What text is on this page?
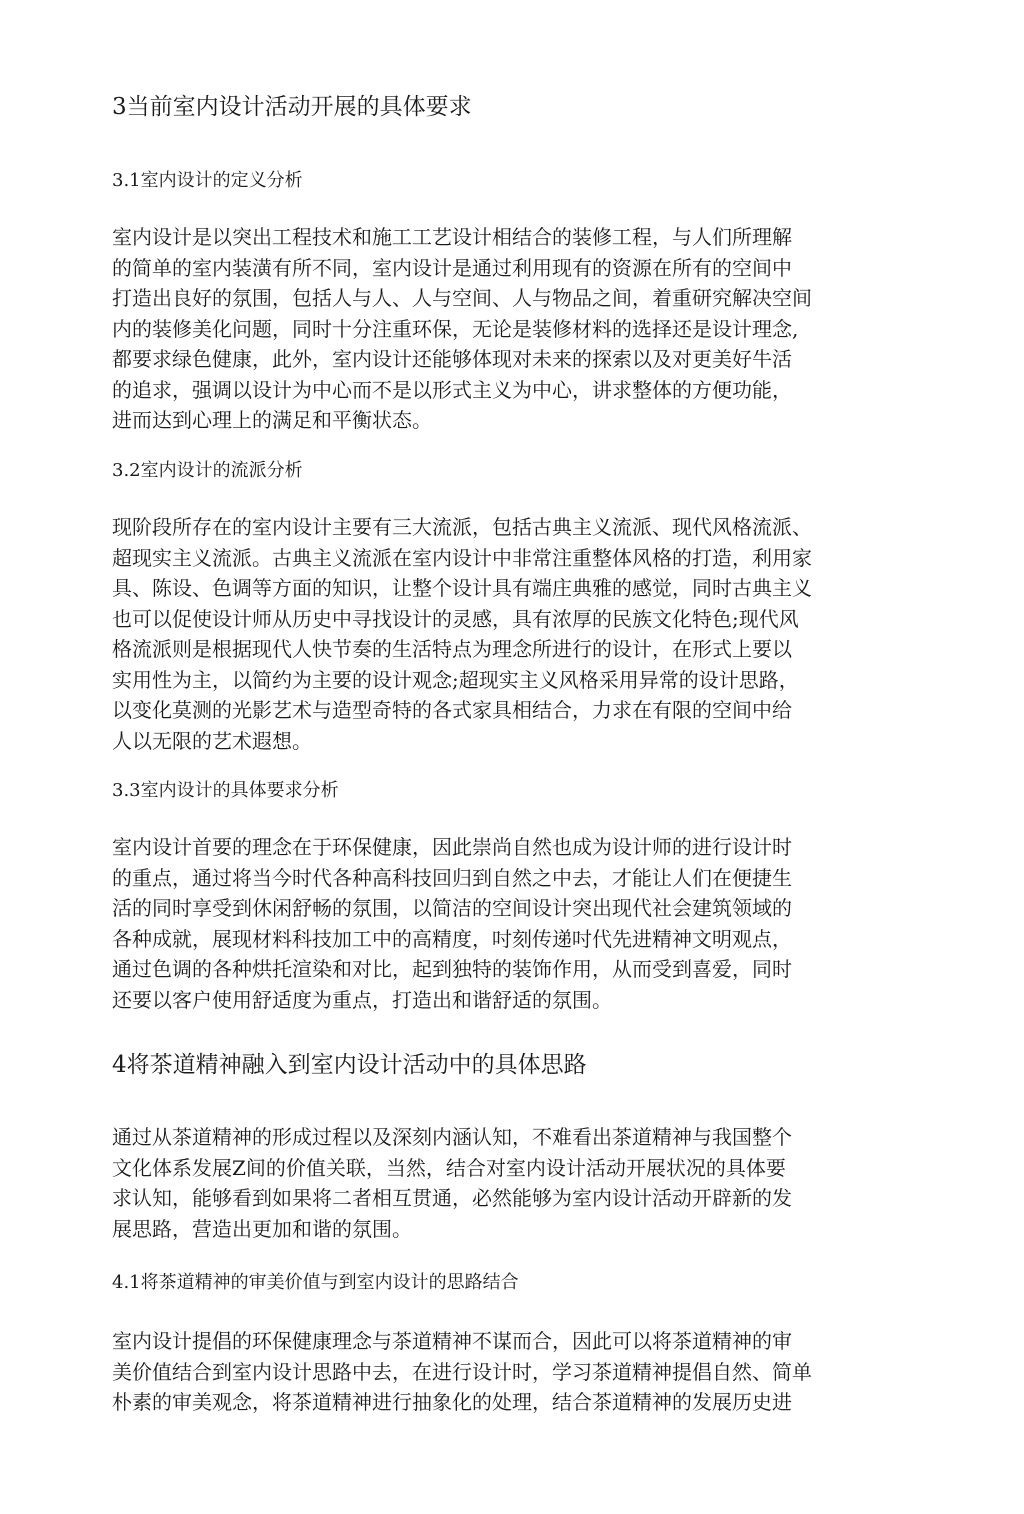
3当前室内设计活动开展的具体要求
3.1室内设计的定义分析
室内设计是以突出工程技术和施工工艺设计相结合的装修工程，与人们所理解
的简单的室内装潢有所不同，室内设计是通过利用现有的资源在所有的空间中
打造出良好的氛围，包括人与人、人与空间、人与物品之间，着重研究解决空间
内的装修美化问题，同时十分注重环保，无论是装修材料的选择还是设计理念,
都要求绿色健康，此外，室内设计还能够体现对未来的探索以及对更美好牛活
的追求，强调以设计为中心而不是以形式主义为中心，讲求整体的方便功能，
进而达到心理上的满足和平衡状态。
3.2室内设计的流派分析
现阶段所存在的室内设计主要有三大流派，包括古典主义流派、现代风格流派、
超现实主义流派。古典主义流派在室内设计中非常注重整体风格的打造，利用家
具、陈设、色调等方面的知识，让整个设计具有端庄典雅的感觉，同时古典主义
也可以促使设计师从历史中寻找设计的灵感，具有浓厚的民族文化特色;现代风
格流派则是根据现代人快节奏的生活特点为理念所进行的设计，在形式上要以
实用性为主，以简约为主要的设计观念;超现实主义风格采用异常的设计思路，
以变化莫测的光影艺术与造型奇特的各式家具相结合，力求在有限的空间中给
人以无限的艺术遐想。
3.3室内设计的具体要求分析
室内设计首要的理念在于环保健康，因此崇尚自然也成为设计师的进行设计时
的重点，通过将当今时代各种高科技回归到自然之中去，才能让人们在便捷生
活的同时享受到休闲舒畅的氛围，以简洁的空间设计突出现代社会建筑领域的
各种成就，展现材料科技加工中的高精度，吋刻传递吋代先进精神文明观点，
通过色调的各种烘托渲染和对比，起到独特的装饰作用，从而受到喜爱，同时
还要以客户使用舒适度为重点，打造出和谐舒适的氛围。
4将茶道精神融入到室内设计活动中的具体思路
通过从茶道精神的形成过程以及深刻内涵认知，不难看出茶道精神与我国整个
文化体系发展Z间的价值关联，当然，结合对室内设计活动开展状况的具体要
求认知，能够看到如果将二者相互贯通，必然能够为室内设计活动开辟新的发
展思路，营造出更加和谐的氛围。
4.1将茶道精神的审美价值与到室内设计的思路结合
室内设计提倡的环保健康理念与茶道精神不谋而合，因此可以将茶道精神的审
美价值结合到室内设计思路中去，在进行设计时，学习茶道精神提倡自然、简单
朴素的审美观念，将茶道精神进行抽象化的处理，结合茶道精神的发展历史进
